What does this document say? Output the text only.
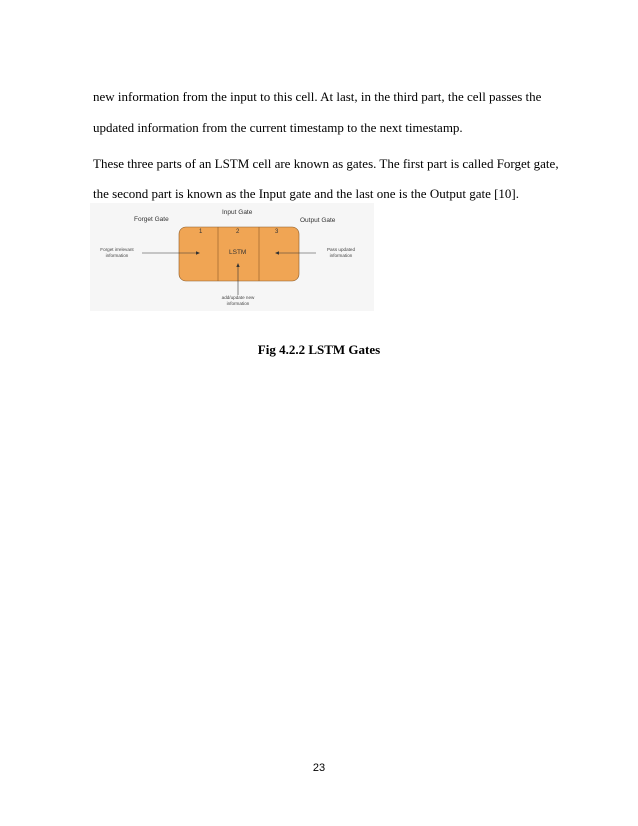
new information from the input to this cell. At last, in the third part, the cell passes the
updated information from the current timestamp to the next timestamp.
These three parts of an LSTM cell are known as gates. The first part is called Forget gate,
the second part is known as the Input gate and the last one is the Output gate [10].
Forget Gate
Input Gate
Output Gate
1	2	3
LSTM
Forget irrelevant
information
Pass updated
information
add/update new
information
Fig 4.2.2 LSTM Gates
23
